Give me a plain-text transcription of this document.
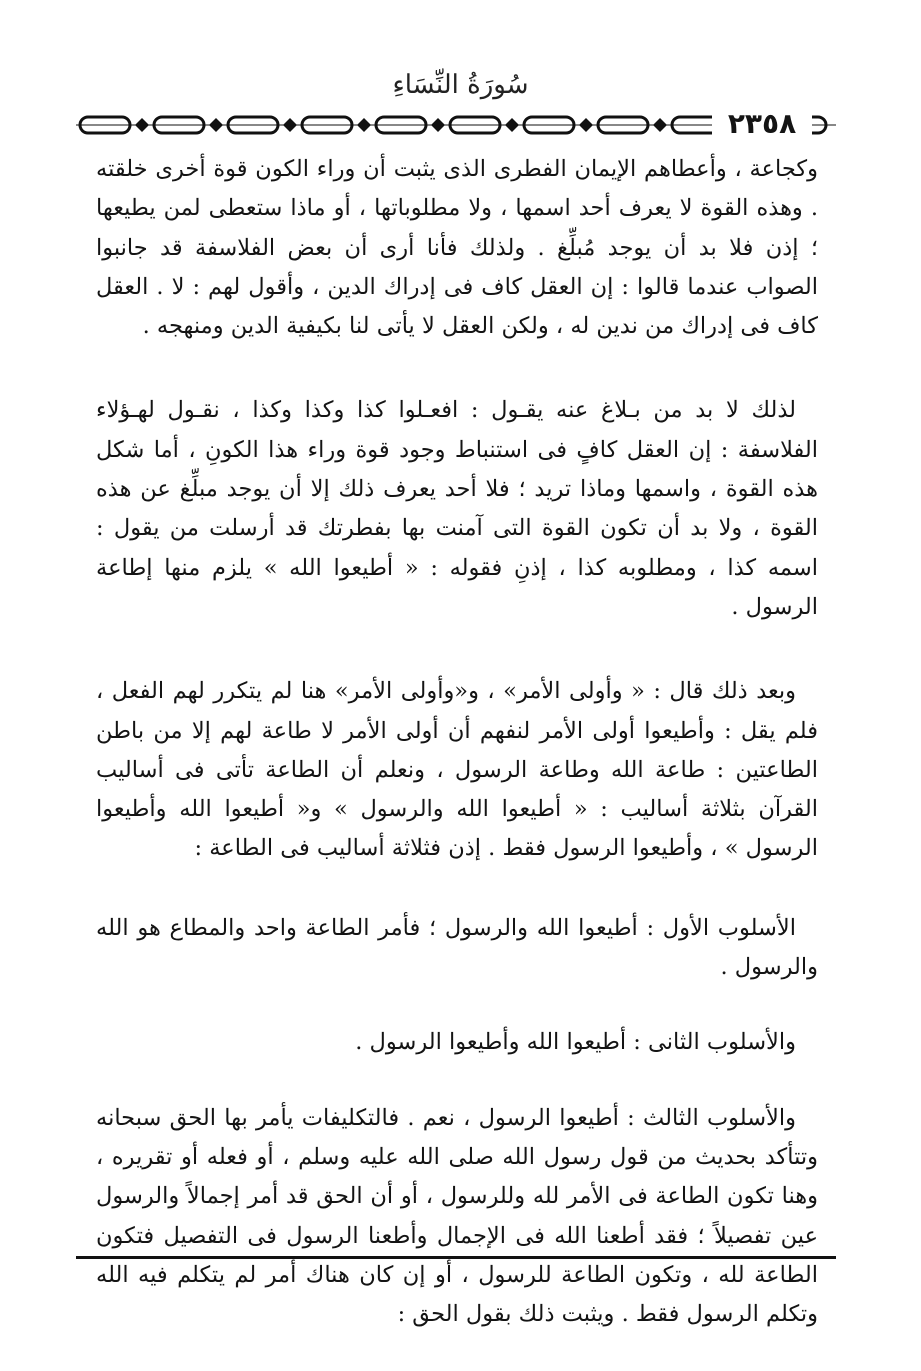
سُورَةُ النِّسَاءِ
٢٣٥٨

وكجاعة ، وأعطاهم الإيمان الفطرى الذى يثبت أن وراء الكون قوة أخرى خلقته . وهذه القوة لا يعرف أحد اسمها ، ولا مطلوباتها ، أو ماذا ستعطى لمن يطيعها ؛ إذن فلا بد أن يوجد مُبلِّغ . ولذلك فأنا أرى أن بعض الفلاسفة قد جانبوا الصواب عندما قالوا : إن العقل كاف فى إدراك الدين ، وأقول لهم : لا . العقل كاف فى إدراك من ندين له ، ولكن العقل لا يأتى لنا بكيفية الدين ومنهجه .

لذلك لا بد من بـلاغ عنه يقـول : افعـلوا كذا وكذا وكذا ، نقـول لهـؤلاء الفلاسفة : إن العقل كافٍ فى استنباط وجود قوة وراء هذا الكونِ ، أما شكل هذه القوة ، واسمها وماذا تريد ؛ فلا أحد يعرف ذلك إلا أن يوجد مبلِّغ عن هذه القوة ، ولا بد أن تكون القوة التى آمنت بها بفطرتك قد أرسلت من يقول : اسمه كذا ، ومطلوبه كذا ، إذنِ فقوله : « أطيعوا الله » يلزم منها إطاعة الرسول .

وبعد ذلك قال : « وأولى الأمر» ، و«وأولى الأمر» هنا لم يتكرر لهم الفعل ، فلم يقل : وأطيعوا أولى الأمر لنفهم أن أولى الأمر لا طاعة لهم إلا من باطن الطاعتين : طاعة الله وطاعة الرسول ، ونعلم أن الطاعة تأتى فى أساليب القرآن بثلاثة أساليب : « أطيعوا الله والرسول » و« أطيعوا الله وأطيعوا الرسول » ، وأطيعوا الرسول فقط . إذن فثلاثة أساليب فى الطاعة :

الأسلوب الأول : أطيعوا الله والرسول ؛ فأمر الطاعة واحد والمطاع هو الله والرسول .

والأسلوب الثانى : أطيعوا الله وأطيعوا الرسول .

والأسلوب الثالث : أطيعوا الرسول ، نعم . فالتكليفات يأمر بها الحق سبحانه وتتأكد بحديث من قول رسول الله صلى الله عليه وسلم ، أو فعله أو تقريره ، وهنا تكون الطاعة فى الأمر لله وللرسول ، أو أن الحق قد أمر إجمالاً والرسول عين تفصيلاً ؛ فقد أطعنا الله فى الإجمال وأطعنا الرسول فى التفصيل فتكون الطاعة لله ، وتكون الطاعة للرسول ، أو إن كان هناك أمر لم يتكلم فيه الله وتكلم الرسول فقط . ويثبت ذلك بقول الحق :
